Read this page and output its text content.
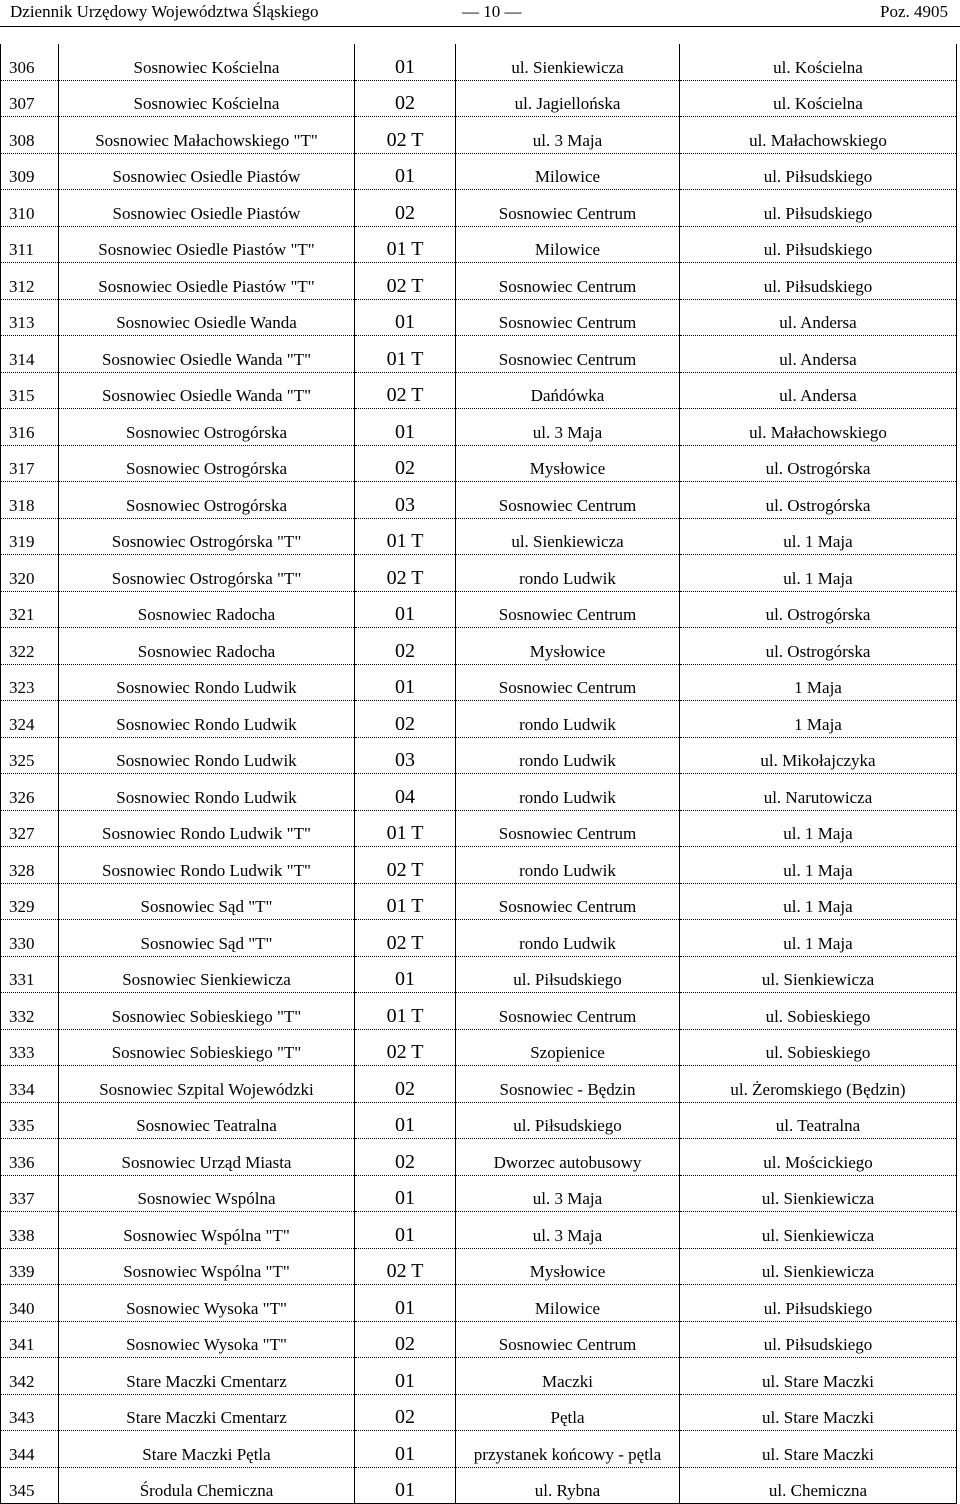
Dziennik Urzędowy Województwa Śląskiego	— 10 —	Poz. 4905
306	Sosnowiec Kościelna	01	ul. Sienkiewicza	ul. Kościelna
307	Sosnowiec Kościelna	02	ul. Jagiellońska	ul. Kościelna
308	Sosnowiec Małachowskiego "T"	02 T	ul. 3 Maja	ul. Małachowskiego
309	Sosnowiec Osiedle Piastów	01	Milowice	ul. Piłsudskiego
310	Sosnowiec Osiedle Piastów	02	Sosnowiec Centrum	ul. Piłsudskiego
311	Sosnowiec Osiedle Piastów "T"	01 T	Milowice	ul. Piłsudskiego
312	Sosnowiec Osiedle Piastów "T"	02 T	Sosnowiec Centrum	ul. Piłsudskiego
313	Sosnowiec Osiedle Wanda	01	Sosnowiec Centrum	ul. Andersa
314	Sosnowiec Osiedle Wanda "T"	01 T	Sosnowiec Centrum	ul. Andersa
315	Sosnowiec Osiedle Wanda "T"	02 T	Dańdówka	ul. Andersa
316	Sosnowiec Ostrogórska	01	ul. 3 Maja	ul. Małachowskiego
317	Sosnowiec Ostrogórska	02	Mysłowice	ul. Ostrogórska
318	Sosnowiec Ostrogórska	03	Sosnowiec Centrum	ul. Ostrogórska
319	Sosnowiec Ostrogórska "T"	01 T	ul. Sienkiewicza	ul. 1 Maja
320	Sosnowiec Ostrogórska "T"	02 T	rondo Ludwik	ul. 1 Maja
321	Sosnowiec Radocha	01	Sosnowiec Centrum	ul. Ostrogórska
322	Sosnowiec Radocha	02	Mysłowice	ul. Ostrogórska
323	Sosnowiec Rondo Ludwik	01	Sosnowiec Centrum	1 Maja
324	Sosnowiec Rondo Ludwik	02	rondo Ludwik	1 Maja
325	Sosnowiec Rondo Ludwik	03	rondo Ludwik	ul. Mikołajczyka
326	Sosnowiec Rondo Ludwik	04	rondo Ludwik	ul. Narutowicza
327	Sosnowiec Rondo Ludwik "T"	01 T	Sosnowiec Centrum	ul. 1 Maja
328	Sosnowiec Rondo Ludwik "T"	02 T	rondo Ludwik	ul. 1 Maja
329	Sosnowiec Sąd "T"	01 T	Sosnowiec Centrum	ul. 1 Maja
330	Sosnowiec Sąd "T"	02 T	rondo Ludwik	ul. 1 Maja
331	Sosnowiec Sienkiewicza	01	ul. Piłsudskiego	ul. Sienkiewicza
332	Sosnowiec Sobieskiego "T"	01 T	Sosnowiec Centrum	ul. Sobieskiego
333	Sosnowiec Sobieskiego "T"	02 T	Szopienice	ul. Sobieskiego
334	Sosnowiec Szpital Wojewódzki	02	Sosnowiec - Będzin	ul. Żeromskiego (Będzin)
335	Sosnowiec Teatralna	01	ul. Piłsudskiego	ul. Teatralna
336	Sosnowiec Urząd Miasta	02	Dworzec autobusowy	ul. Mościckiego
337	Sosnowiec Wspólna	01	ul. 3 Maja	ul. Sienkiewicza
338	Sosnowiec Wspólna "T"	01	ul. 3 Maja	ul. Sienkiewicza
339	Sosnowiec Wspólna "T"	02 T	Mysłowice	ul. Sienkiewicza
340	Sosnowiec Wysoka "T"	01	Milowice	ul. Piłsudskiego
341	Sosnowiec Wysoka "T"	02	Sosnowiec Centrum	ul. Piłsudskiego
342	Stare Maczki Cmentarz	01	Maczki	ul. Stare Maczki
343	Stare Maczki Cmentarz	02	Pętla	ul. Stare Maczki
344	Stare Maczki Pętla	01	przystanek końcowy - pętla	ul. Stare Maczki
345	Środula Chemiczna	01	ul. Rybna	ul. Chemiczna
